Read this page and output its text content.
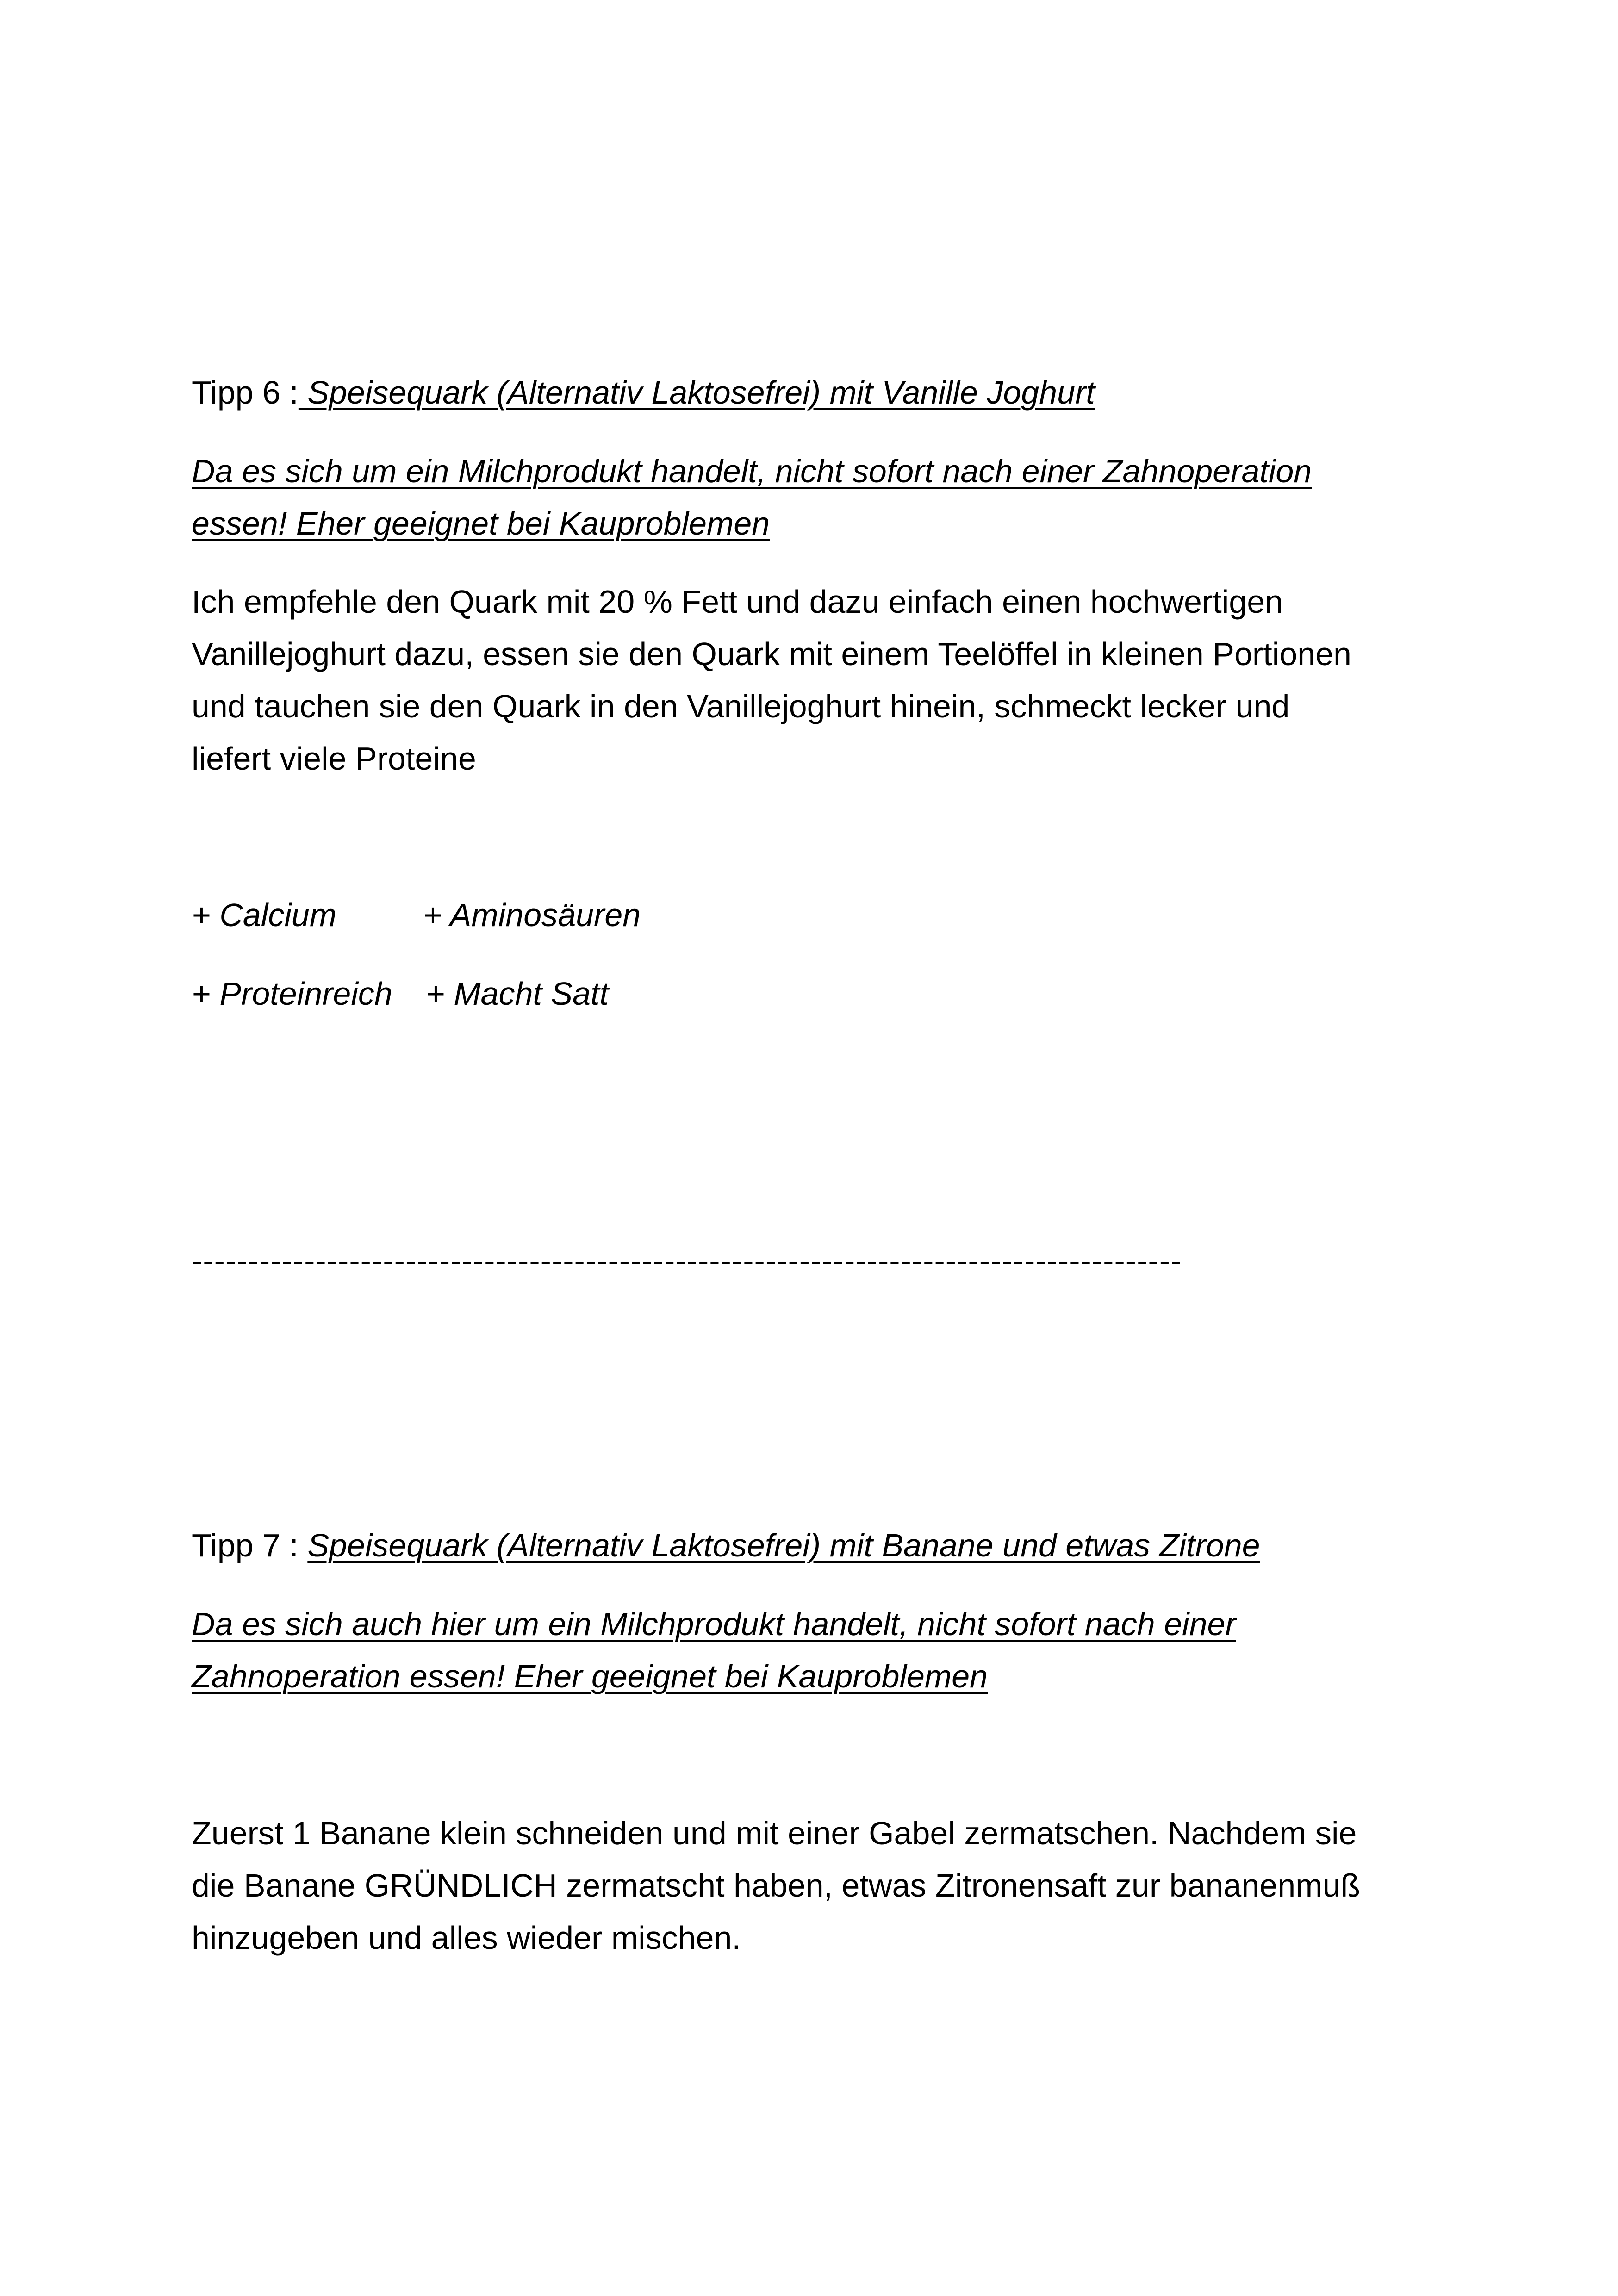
Tipp 6 : Speisequark (Alternativ Laktosefrei) mit Vanille Joghurt

Da es sich um ein Milchprodukt handelt, nicht sofort nach einer Zahnoperation

essen! Eher geeignet bei Kauproblemen

Ich empfehle den Quark mit 20 % Fett und dazu einfach einen hochwertigen

Vanillejoghurt dazu, essen sie den Quark mit einem Teelöffel in kleinen Portionen

und tauchen sie den Quark in den Vanillejoghurt hinein, schmeckt lecker und

liefert viele Proteine

+ Calcium	+ Aminosäuren

+ Proteinreich + Macht Satt

----------------------------------------------------------------------------------------

Tipp 7 : Speisequark (Alternativ Laktosefrei) mit Banane und etwas Zitrone

Da es sich auch hier um ein Milchprodukt handelt, nicht sofort nach einer

Zahnoperation essen! Eher geeignet bei Kauproblemen

Zuerst 1 Banane klein schneiden und mit einer Gabel zermatschen. Nachdem sie

die Banane GRÜNDLICH zermatscht haben, etwas Zitronensaft zur bananenmuß

hinzugeben und alles wieder mischen.
